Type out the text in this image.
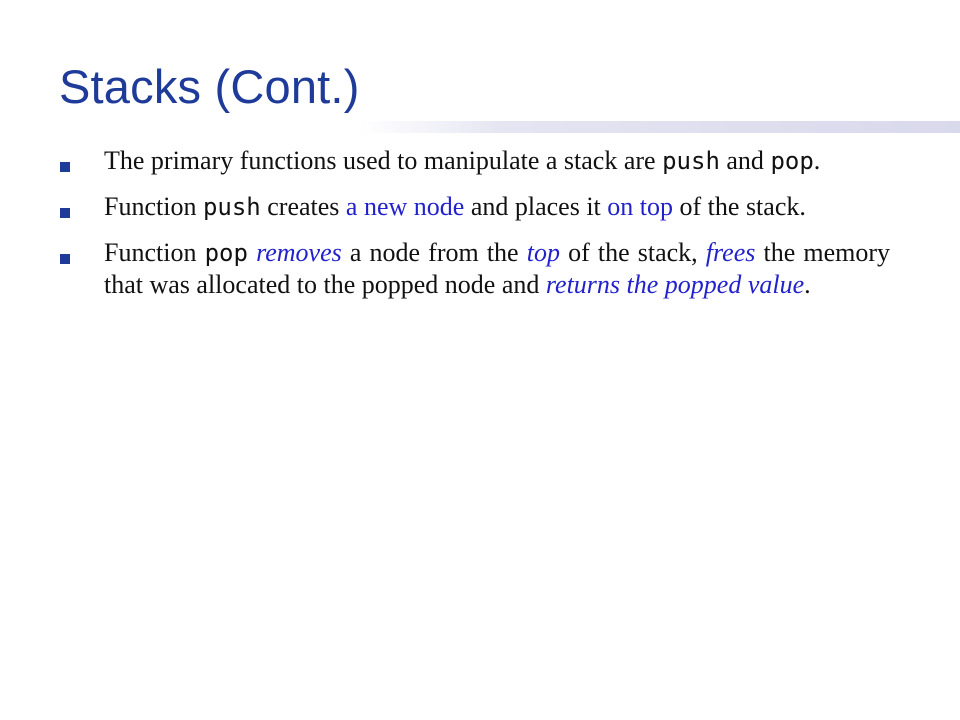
Stacks (Cont.)
The primary functions used to manipulate a stack are push and pop.
Function push creates a new node and places it on top of the stack.
Function pop removes a node from the top of the stack, frees the memory that was allocated to the popped node and returns the popped value.
